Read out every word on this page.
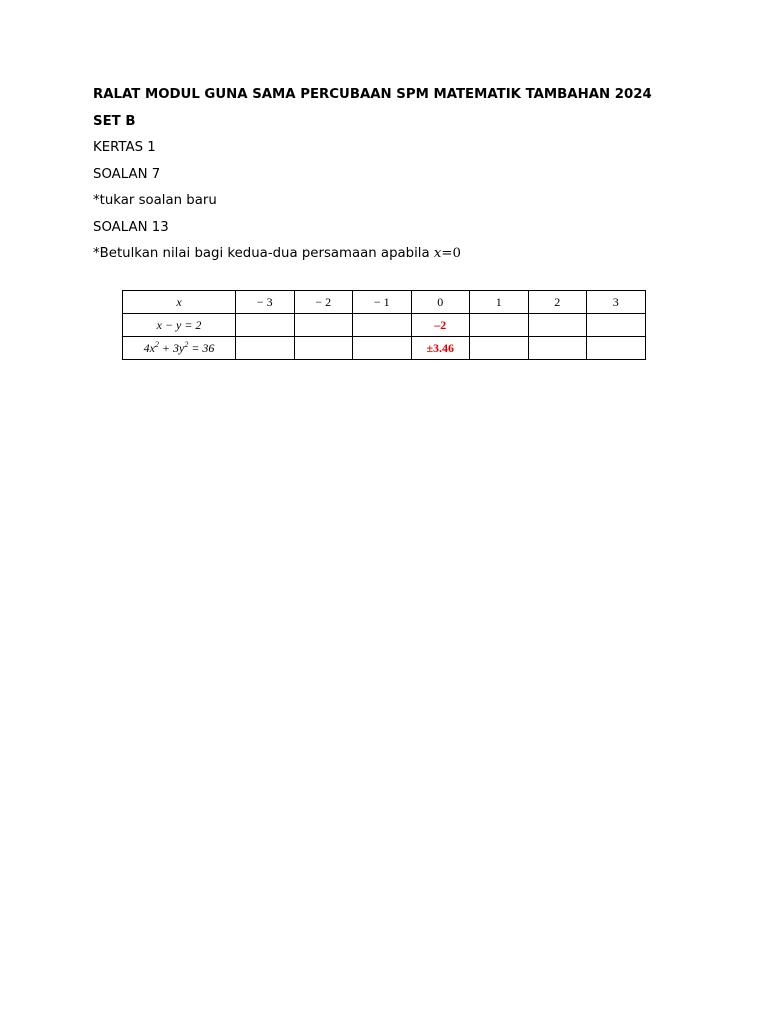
RALAT MODUL GUNA SAMA PERCUBAAN SPM MATEMATIK TAMBAHAN 2024
SET B
KERTAS 1
SOALAN 7
*tukar soalan baru
SOALAN 13
*Betulkan nilai bagi kedua-dua persamaan apabila x=0
x	− 3	− 2	− 1	0	1	2	3
x − y = 2				–2			
$4x^2 + 3y^2 = 36$				±3.46			
